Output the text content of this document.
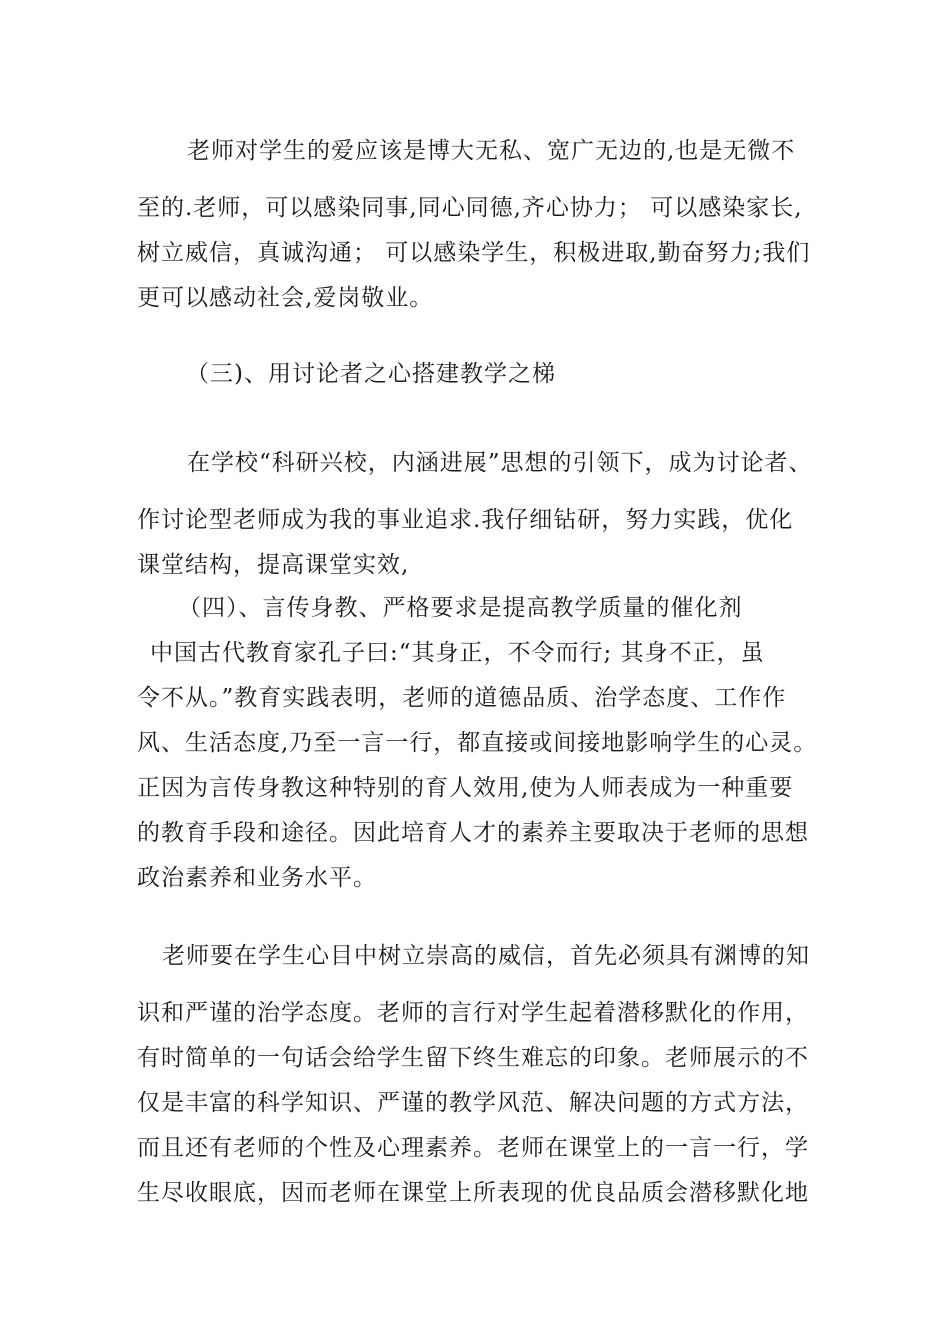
老师对学生的爱应该是博大无私、宽广无边的,也是无微不
至的.老师，可以感染同事,同心同德,齐心协力； 可以感染家长,
树立威信，真诚沟通； 可以感染学生，积极进取,勤奋努力;我们
更可以感动社会,爱岗敬业。
（三)、用讨论者之心搭建教学之梯
在学校“科研兴校，内涵进展”思想的引领下，成为讨论者、
作讨论型老师成为我的事业追求.我仔细钻研，努力实践，优化
课堂结构，提高课堂实效,
（四）、言传身教、严格要求是提高教学质量的催化剂
中国古代教育家孔子曰:“其身正，不令而行; 其身不正，虽
令不从。”教育实践表明，老师的道德品质、治学态度、工作作
风、生活态度,乃至一言一行，都直接或间接地影响学生的心灵。
正因为言传身教这种特别的育人效用,使为人师表成为一种重要
的教育手段和途径。因此培育人才的素养主要取决于老师的思想
政治素养和业务水平。
老师要在学生心目中树立崇高的威信，首先必须具有渊博的知
识和严谨的治学态度。老师的言行对学生起着潜移默化的作用，
有时简单的一句话会给学生留下终生难忘的印象。老师展示的不
仅是丰富的科学知识、严谨的教学风范、解决问题的方式方法，
而且还有老师的个性及心理素养。老师在课堂上的一言一行，学
生尽收眼底，因而老师在课堂上所表现的优良品质会潜移默化地
